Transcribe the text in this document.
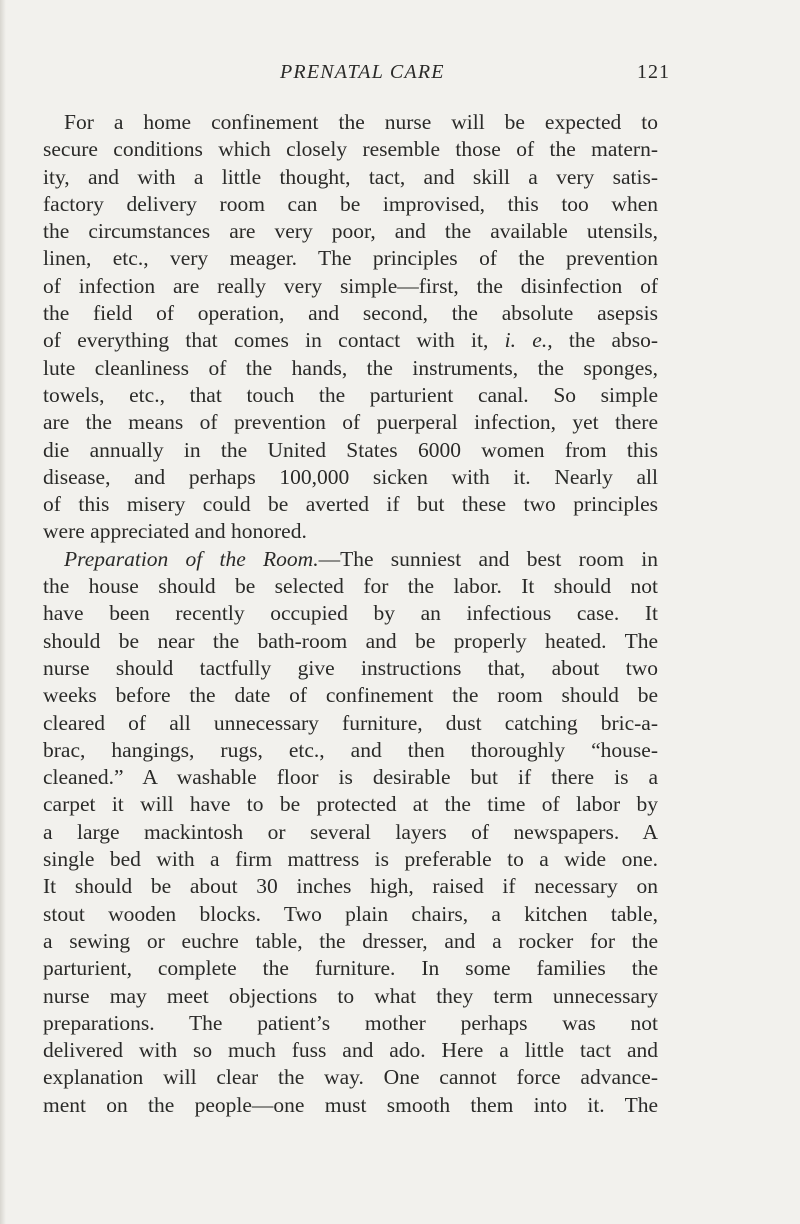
PRENATAL CARE	121
For a home confinement the nurse will be expected to
secure conditions which closely resemble those of the matern-
ity, and with a little thought, tact, and skill a very satis-
factory delivery room can be improvised, this too when
the circumstances are very poor, and the available utensils,
linen, etc., very meager. The principles of the prevention
of infection are really very simple—first, the disinfection of
the field of operation, and second, the absolute asepsis
of everything that comes in contact with it, i. e., the abso-
lute cleanliness of the hands, the instruments, the sponges,
towels, etc., that touch the parturient canal. So simple
are the means of prevention of puerperal infection, yet there
die annually in the United States 6000 women from this
disease, and perhaps 100,000 sicken with it. Nearly all
of this misery could be averted if but these two principles
were appreciated and honored.
Preparation of the Room.—The sunniest and best room in
the house should be selected for the labor. It should not
have been recently occupied by an infectious case. It
should be near the bath-room and be properly heated. The
nurse should tactfully give instructions that, about two
weeks before the date of confinement the room should be
cleared of all unnecessary furniture, dust catching bric-a-
brac, hangings, rugs, etc., and then thoroughly “house-
cleaned.” A washable floor is desirable but if there is a
carpet it will have to be protected at the time of labor by
a large mackintosh or several layers of newspapers. A
single bed with a firm mattress is preferable to a wide one.
It should be about 30 inches high, raised if necessary on
stout wooden blocks. Two plain chairs, a kitchen table,
a sewing or euchre table, the dresser, and a rocker for the
parturient, complete the furniture. In some families the
nurse may meet objections to what they term unnecessary
preparations. The patient’s mother perhaps was not
delivered with so much fuss and ado. Here a little tact and
explanation will clear the way. One cannot force advance-
ment on the people—one must smooth them into it. The
